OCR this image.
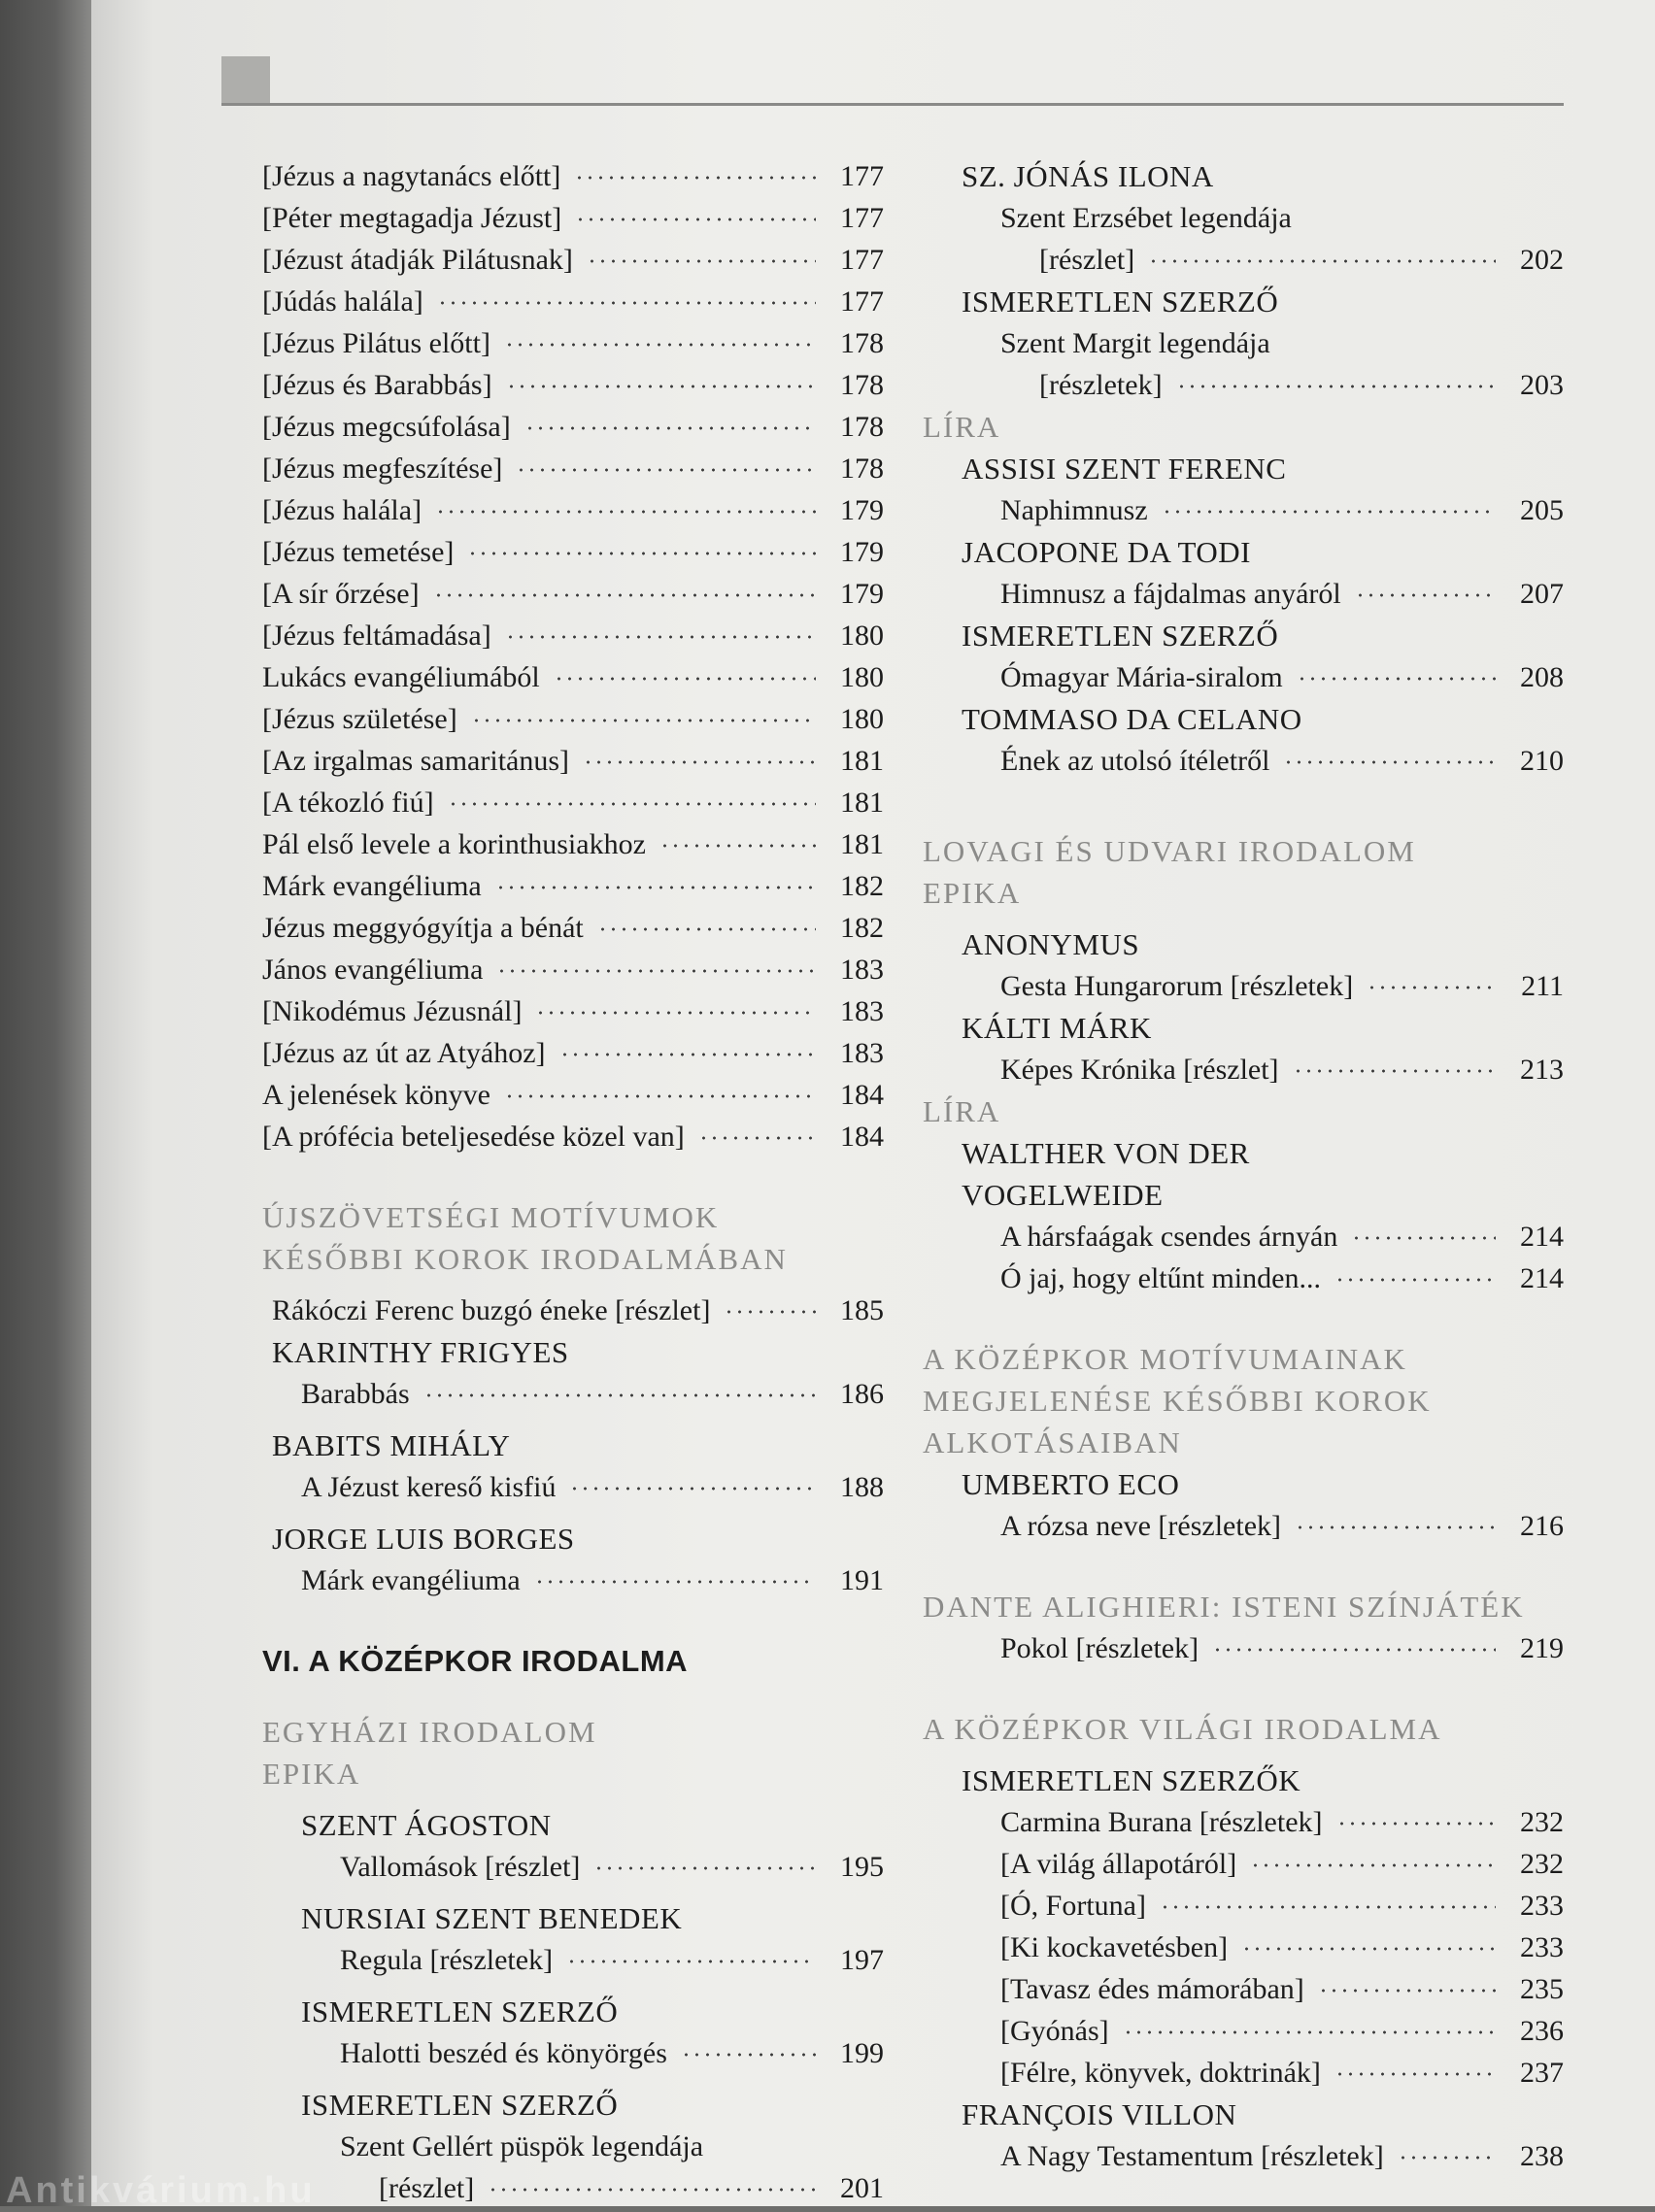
[Jézus a nagytanács előtt]	177
[Péter megtagadja Jézust]	177
[Jézust átadják Pilátusnak]	177
[Júdás halála]	177
[Jézus Pilátus előtt]	178
[Jézus és Barabbás]	178
[Jézus megcsúfolása]	178
[Jézus megfeszítése]	178
[Jézus halála]	179
[Jézus temetése]	179
[A sír őrzése]	179
[Jézus feltámadása]	180
Lukács evangéliumából	180
[Jézus születése]	180
[Az irgalmas samaritánus]	181
[A tékozló fiú]	181
Pál első levele a korinthusiakhoz	181
Márk evangéliuma	182
Jézus meggyógyítja a bénát	182
János evangéliuma	183
[Nikodémus Jézusnál]	183
[Jézus az út az Atyához]	183
A jelenések könyve	184
[A prófécia beteljesedése közel van]	184
ÚJSZÖVETSÉGI MOTÍVUMOK
KÉSŐBBI KOROK IRODALMÁBAN
Rákóczi Ferenc buzgó éneke [részlet]	185
KARINTHY FRIGYES
Barabbás	186
BABITS MIHÁLY
A Jézust kereső kisfiú	188
JORGE LUIS BORGES
Márk evangéliuma	191
VI. A KÖZÉPKOR IRODALMA
EGYHÁZI IRODALOM
EPIKA
SZENT ÁGOSTON
Vallomások [részlet]	195
NURSIAI SZENT BENEDEK
Regula [részletek]	197
ISMERETLEN SZERZŐ
Halotti beszéd és könyörgés	199
ISMERETLEN SZERZŐ
Szent Gellért püspök legendája
[részlet]	201
SZ. JÓNÁS ILONA
Szent Erzsébet legendája
[részlet]	202
ISMERETLEN SZERZŐ
Szent Margit legendája
[részletek]	203
LÍRA
ASSISI SZENT FERENC
Naphimnusz	205
JACOPONE DA TODI
Himnusz a fájdalmas anyáról	207
ISMERETLEN SZERZŐ
Ómagyar Mária-siralom	208
TOMMASO DA CELANO
Ének az utolsó ítéletről	210
LOVAGI ÉS UDVARI IRODALOM
EPIKA
ANONYMUS
Gesta Hungarorum [részletek]	211
KÁLTI MÁRK
Képes Krónika [részlet]	213
LÍRA
WALTHER VON DER
VOGELWEIDE
A hársfaágak csendes árnyán	214
Ó jaj, hogy eltűnt minden...	214
A KÖZÉPKOR MOTÍVUMAINAK
MEGJELENÉSE KÉSŐBBI KOROK
ALKOTÁSAIBAN
UMBERTO ECO
A rózsa neve [részletek]	216
DANTE ALIGHIERI: ISTENI SZÍNJÁTÉK
Pokol [részletek]	219
A KÖZÉPKOR VILÁGI IRODALMA
ISMERETLEN SZERZŐK
Carmina Burana [részletek]	232
[A világ állapotáról]	232
[Ó, Fortuna]	233
[Ki kockavetésben]	233
[Tavasz édes mámorában]	235
[Gyónás]	236
[Félre, könyvek, doktrinák]	237
FRANÇOIS VILLON
A Nagy Testamentum [részletek]	238
Antikvárium.hu
